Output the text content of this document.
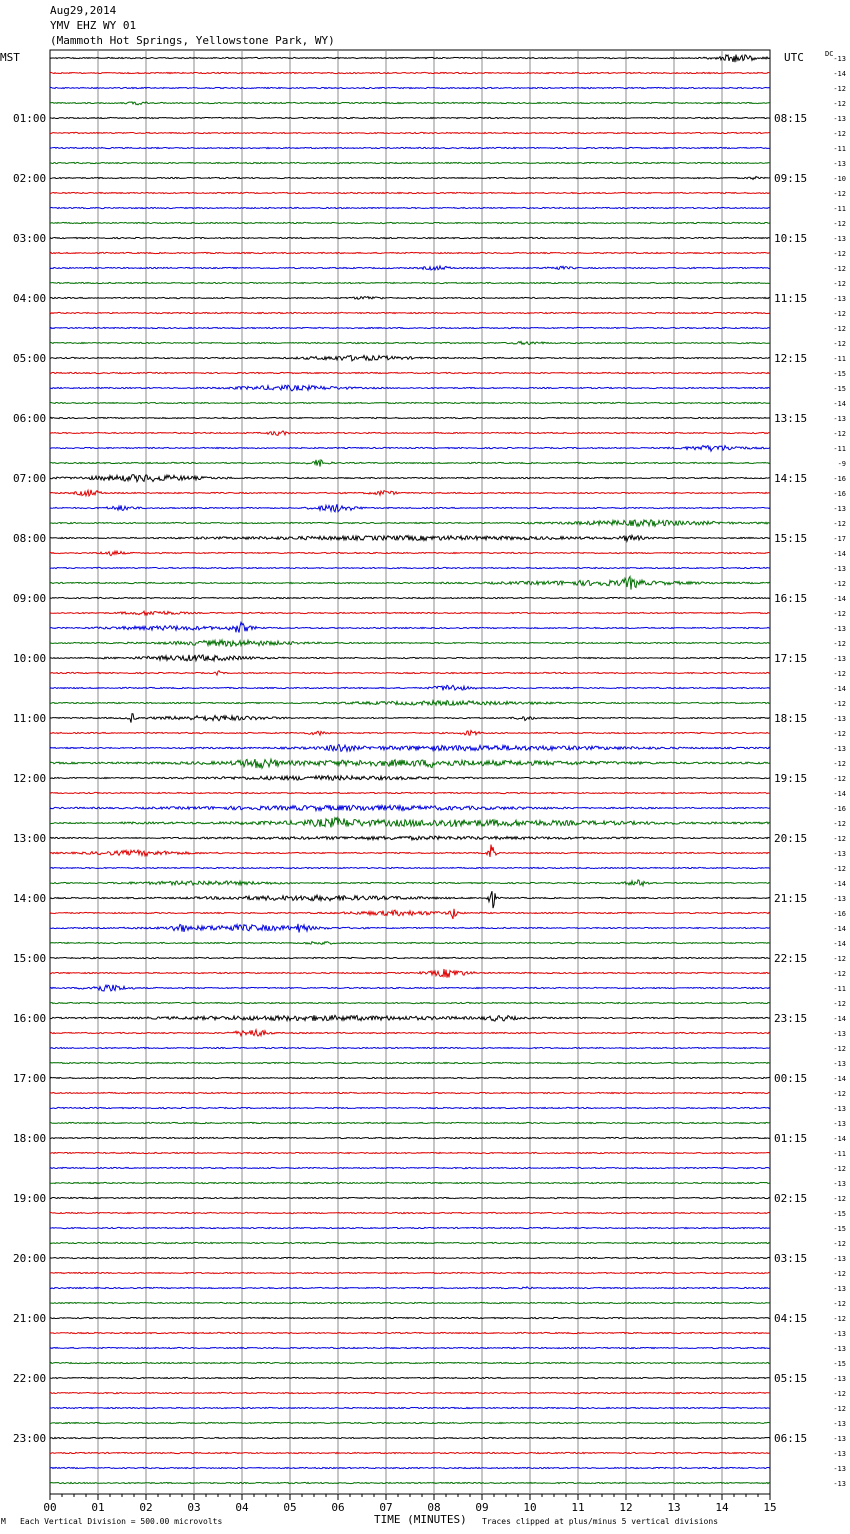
Aug29,2014
YMV EHZ WY 01
(Mammoth Hot Springs, Yellowstone Park, WY)
01:00
02:00
03:00
04:00
05:00
06:00
07:00
08:00
09:00
10:00
11:00
12:00
13:00
14:00
15:00
16:00
17:00
18:00
19:00
20:00
21:00
22:00
23:00
08:15
09:15
10:15
11:15
12:15
13:15
14:15
15:15
16:15
17:15
18:15
19:15
20:15
21:15
22:15
23:15
00:15
01:15
02:15
03:15
04:15
05:15
06:15
-13
-14
-12
-12
-13
-12
-11
-13
-10
-12
-11
-12
-13
-12
-12
-12
-13
-12
-12
-12
-11
-15
-15
-14
-13
-12
-11
-9
-16
-16
-13
-12
-17
-14
-13
-12
-14
-12
-13
-12
-13
-12
-14
-12
-13
-12
-13
-12
-12
-14
-16
-12
-12
-13
-12
-14
-13
-16
-14
-14
-12
-12
-11
-12
-14
-13
-12
-13
-14
-12
-13
-13
-14
-11
-12
-13
-12
-15
-15
-12
-13
-12
-13
-12
-12
-13
-13
-15
-13
-12
-12
-13
-13
-13
-13
-13
00	01	02	03	04	05	06	07	08	09	10	11	12	13	14	15
MST	UTC	DC
M Each Vertical Division = 500.00 microvolts	TIME (MINUTES) Traces clipped at plus/minus 5 vertical divisions
